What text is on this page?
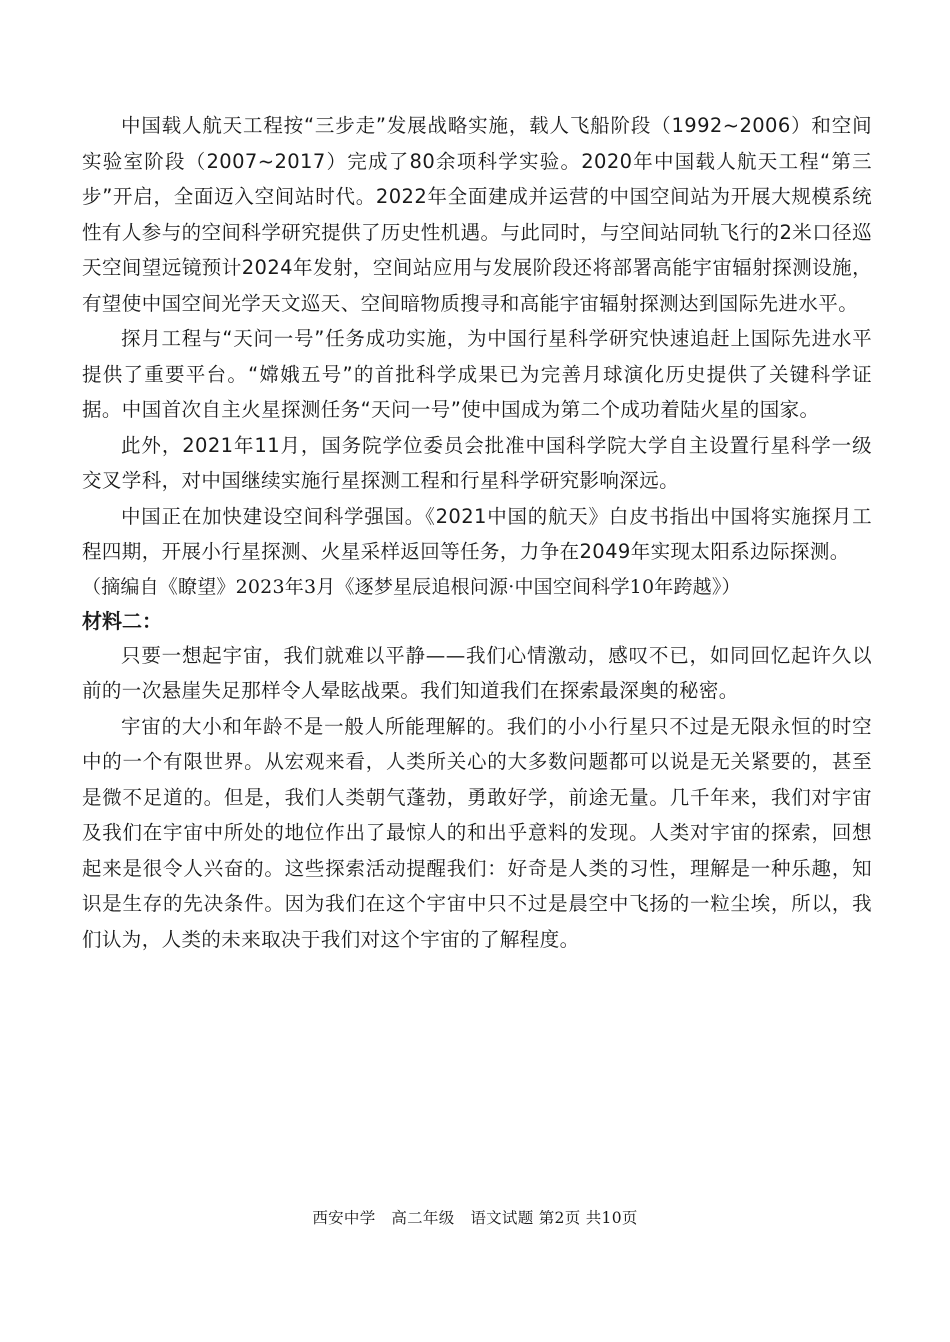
中国载人航天工程按“三步走”发展战略实施，载人飞船阶段（1992~2006）和空间实验室阶段（2007~2017）完成了80余项科学实验。2020年中国载人航天工程“第三步”开启，全面迈入空间站时代。2022年全面建成并运营的中国空间站为开展大规模系统性有人参与的空间科学研究提供了历史性机遇。与此同时，与空间站同轨飞行的2米口径巡天空间望远镜预计2024年发射，空间站应用与发展阶段还将部署高能宇宙辐射探测设施，有望使中国空间光学天文巡天、空间暗物质搜寻和高能宇宙辐射探测达到国际先进水平。

探月工程与“天问一号”任务成功实施，为中国行星科学研究快速追赶上国际先进水平提供了重要平台。“嫦娥五号”的首批科学成果已为完善月球演化历史提供了关键科学证据。中国首次自主火星探测任务“天问一号”使中国成为第二个成功着陆火星的国家。

此外，2021年11月，国务院学位委员会批准中国科学院大学自主设置行星科学一级交叉学科，对中国继续实施行星探测工程和行星科学研究影响深远。

中国正在加快建设空间科学强国。《2021中国的航天》白皮书指出中国将实施探月工程四期，开展小行星探测、火星采样返回等任务，力争在2049年实现太阳系边际探测。

（摘编自《瞭望》2023年3月《逐梦星辰追根问源·中国空间科学10年跨越》）

材料二：

只要一想起宇宙，我们就难以平静——我们心情激动，感叹不已，如同回忆起许久以前的一次悬崖失足那样令人晕眩战栗。我们知道我们在探索最深奥的秘密。

宇宙的大小和年龄不是一般人所能理解的。我们的小小行星只不过是无限永恒的时空中的一个有限世界。从宏观来看，人类所关心的大多数问题都可以说是无关紧要的，甚至是微不足道的。但是，我们人类朝气蓬勃，勇敢好学，前途无量。几千年来，我们对宇宙及我们在宇宙中所处的地位作出了最惊人的和出乎意料的发现。人类对宇宙的探索，回想起来是很令人兴奋的。这些探索活动提醒我们：好奇是人类的习性，理解是一种乐趣，知识是生存的先决条件。因为我们在这个宇宙中只不过是晨空中飞扬的一粒尘埃，所以，我们认为，人类的未来取决于我们对这个宇宙的了解程度。

西安中学　高二年级　语文试题 第2页 共10页
